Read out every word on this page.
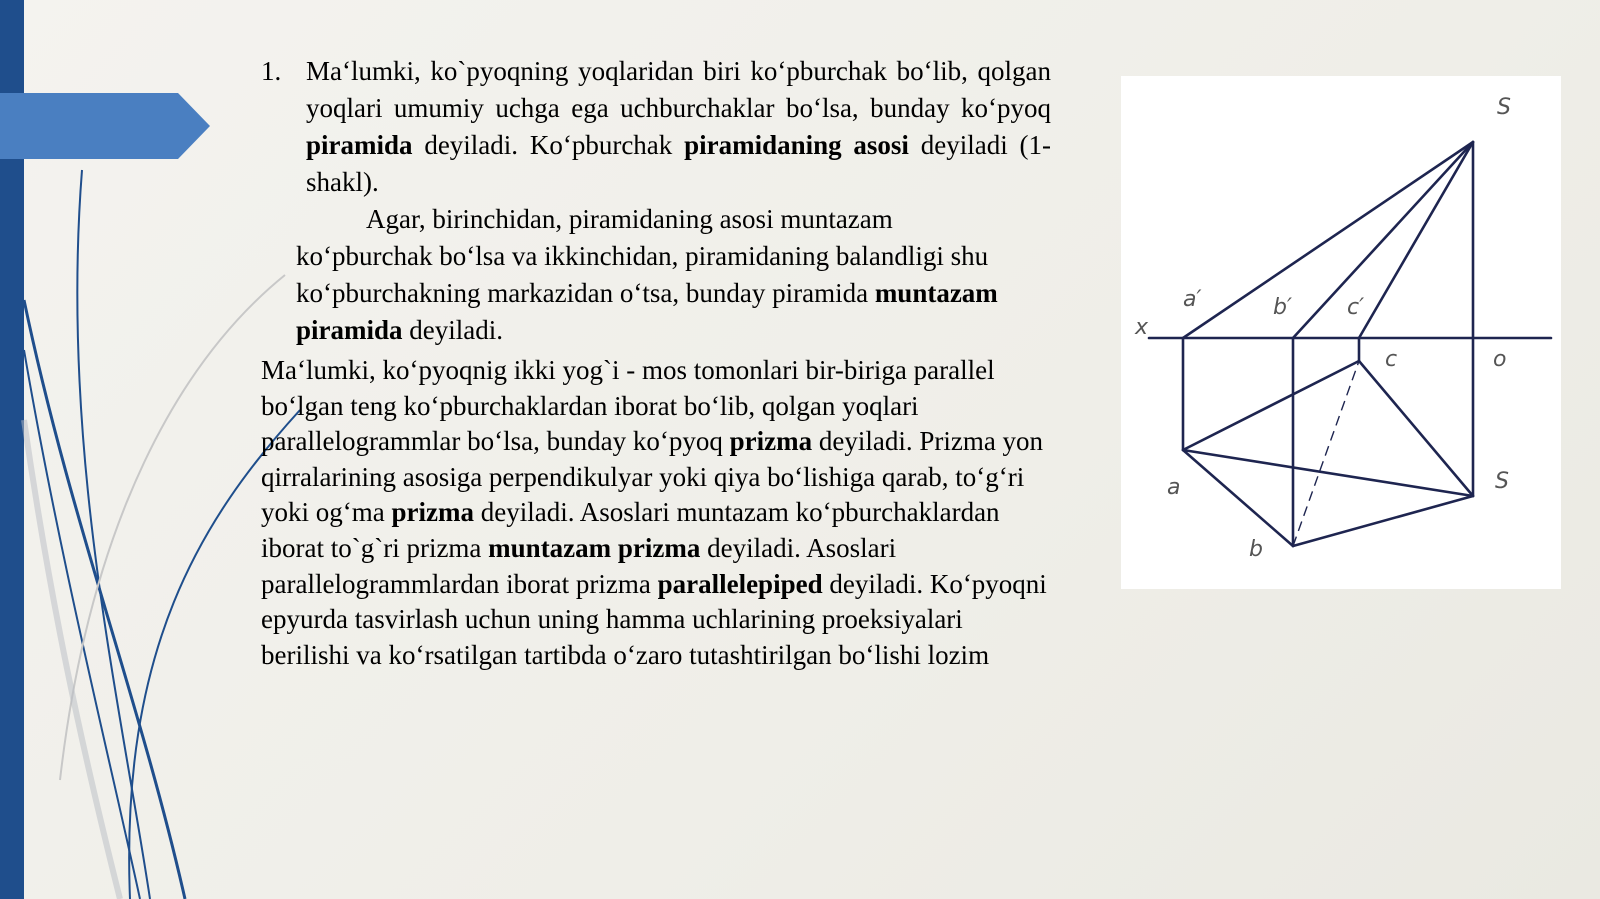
1. Ma‘lumki, ko`pyoqning yoqlaridan biri ko‘pburchak bo‘lib, qolgan yoqlari umumiy uchga ega uchburchaklar bo‘lsa, bunday ko‘pyoq piramida deyiladi. Ko‘pburchak piramidaning asosi deyiladi (1-shakl).
Agar, birinchidan, piramidaning asosi muntazam
ko‘pburchak bo‘lsa va ikkinchidan, piramidaning balandligi shu ko‘pburchakning markazidan o‘tsa, bunday piramida muntazam piramida deyiladi.
Ma‘lumki, ko‘pyoqnig ikki yog`i - mos tomonlari bir-biriga parallel bo‘lgan teng ko‘pburchaklardan iborat bo‘lib, qolgan yoqlari parallelogrammlar bo‘lsa, bunday ko‘pyoq prizma deyiladi. Prizma yon qirralarining asosiga perpendikulyar yoki qiya bo‘lishiga qarab, to‘g‘ri yoki og‘ma prizma deyiladi. Asoslari muntazam ko‘pburchaklardan iborat to`g`ri prizma muntazam prizma deyiladi. Asoslari parallelogrammlardan iborat prizma parallelepiped deyiladi. Ko‘pyoqni epyurda tasvirlash uchun uning hamma uchlarining proeksiyalari berilishi va ko‘rsatilgan tartibda o‘zaro tutashtirilgan bo‘lishi lozim
S
a′	b′	c′
x
c	o
S
a
b
